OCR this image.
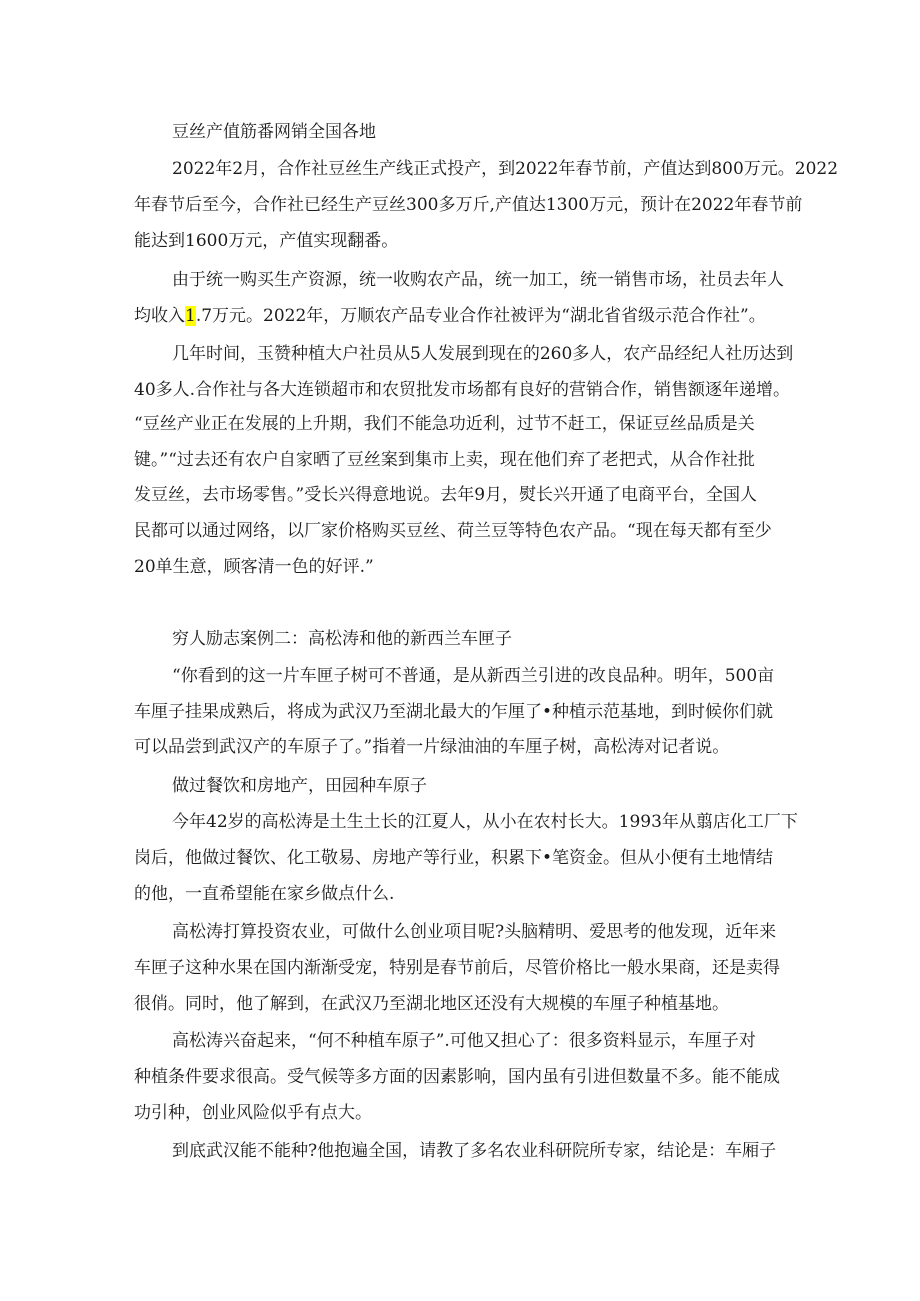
豆丝产值筋番网销全国各地
2022年2月，合作社豆丝生产线正式投产，到2022年春节前，产值达到800万元。2022
年春节后至今，合作社已经生产豆丝300多万斤,产值达1300万元，预计在2022年春节前
能达到1600万元，产值实现翻番。
由于统一购买生产资源，统一收购农产品，统一加工，统一销售市场，社员去年人
均收入1.7万元。2022年，万顺农产品专业合作社被评为“湖北省省级示范合作社”。
几年时间，玉赞种植大户社员从5人发展到现在的260多人，农产品经纪人社历达到
40多人.合作社与各大连锁超市和农贸批发市场都有良好的营销合作，销售额逐年递增。
“豆丝产业正在发展的上升期，我们不能急功近利，过节不赶工，保证豆丝品质是关
键。”“过去还有农户自家晒了豆丝案到集市上卖，现在他们弃了老把式，从合作社批
发豆丝，去市场零售。”受长兴得意地说。去年9月，熨长兴开通了电商平台，全国人
民都可以通过网络，以厂家价格购买豆丝、荷兰豆等特色农产品。“现在每天都有至少
20单生意，顾客清一色的好评.”
穷人励志案例二：高松涛和他的新西兰车匣子
“你看到的这一片车匣子树可不普通，是从新西兰引进的改良品种。明年，500亩
车厘子挂果成熟后，将成为武汉乃至湖北最大的乍厘了•种植示范基地，到时候你们就
可以品尝到武汉产的车原子了。”指着一片绿油油的车厘子树，高松涛对记者说。
做过餐饮和房地产，田园种车原子
今年42岁的高松涛是土生土长的江夏人，从小在农村长大。1993年从翦店化工厂下
岗后，他做过餐饮、化工敬易、房地产等行业，积累下•笔资金。但从小便有土地情结
的他，一直希望能在家乡做点什么.
高松涛打算投资农业，可做什么创业项目呢?头脑精明、爱思考的他发现，近年来
车匣子这种水果在国内渐渐受宠，特别是春节前后，尽管价格比一般水果商，还是卖得
很俏。同时，他了解到，在武汉乃至湖北地区还没有大规模的车厘子种植基地。
高松涛兴奋起来，“何不种植车原子”.可他又担心了：很多资料显示，车厘子对
种植条件要求很高。受气候等多方面的因素影响，国内虽有引进但数量不多。能不能成
功引种，创业风险似乎有点大。
到底武汉能不能种?他抱遍全国，请教了多名农业科研院所专家，结论是：车厢子
